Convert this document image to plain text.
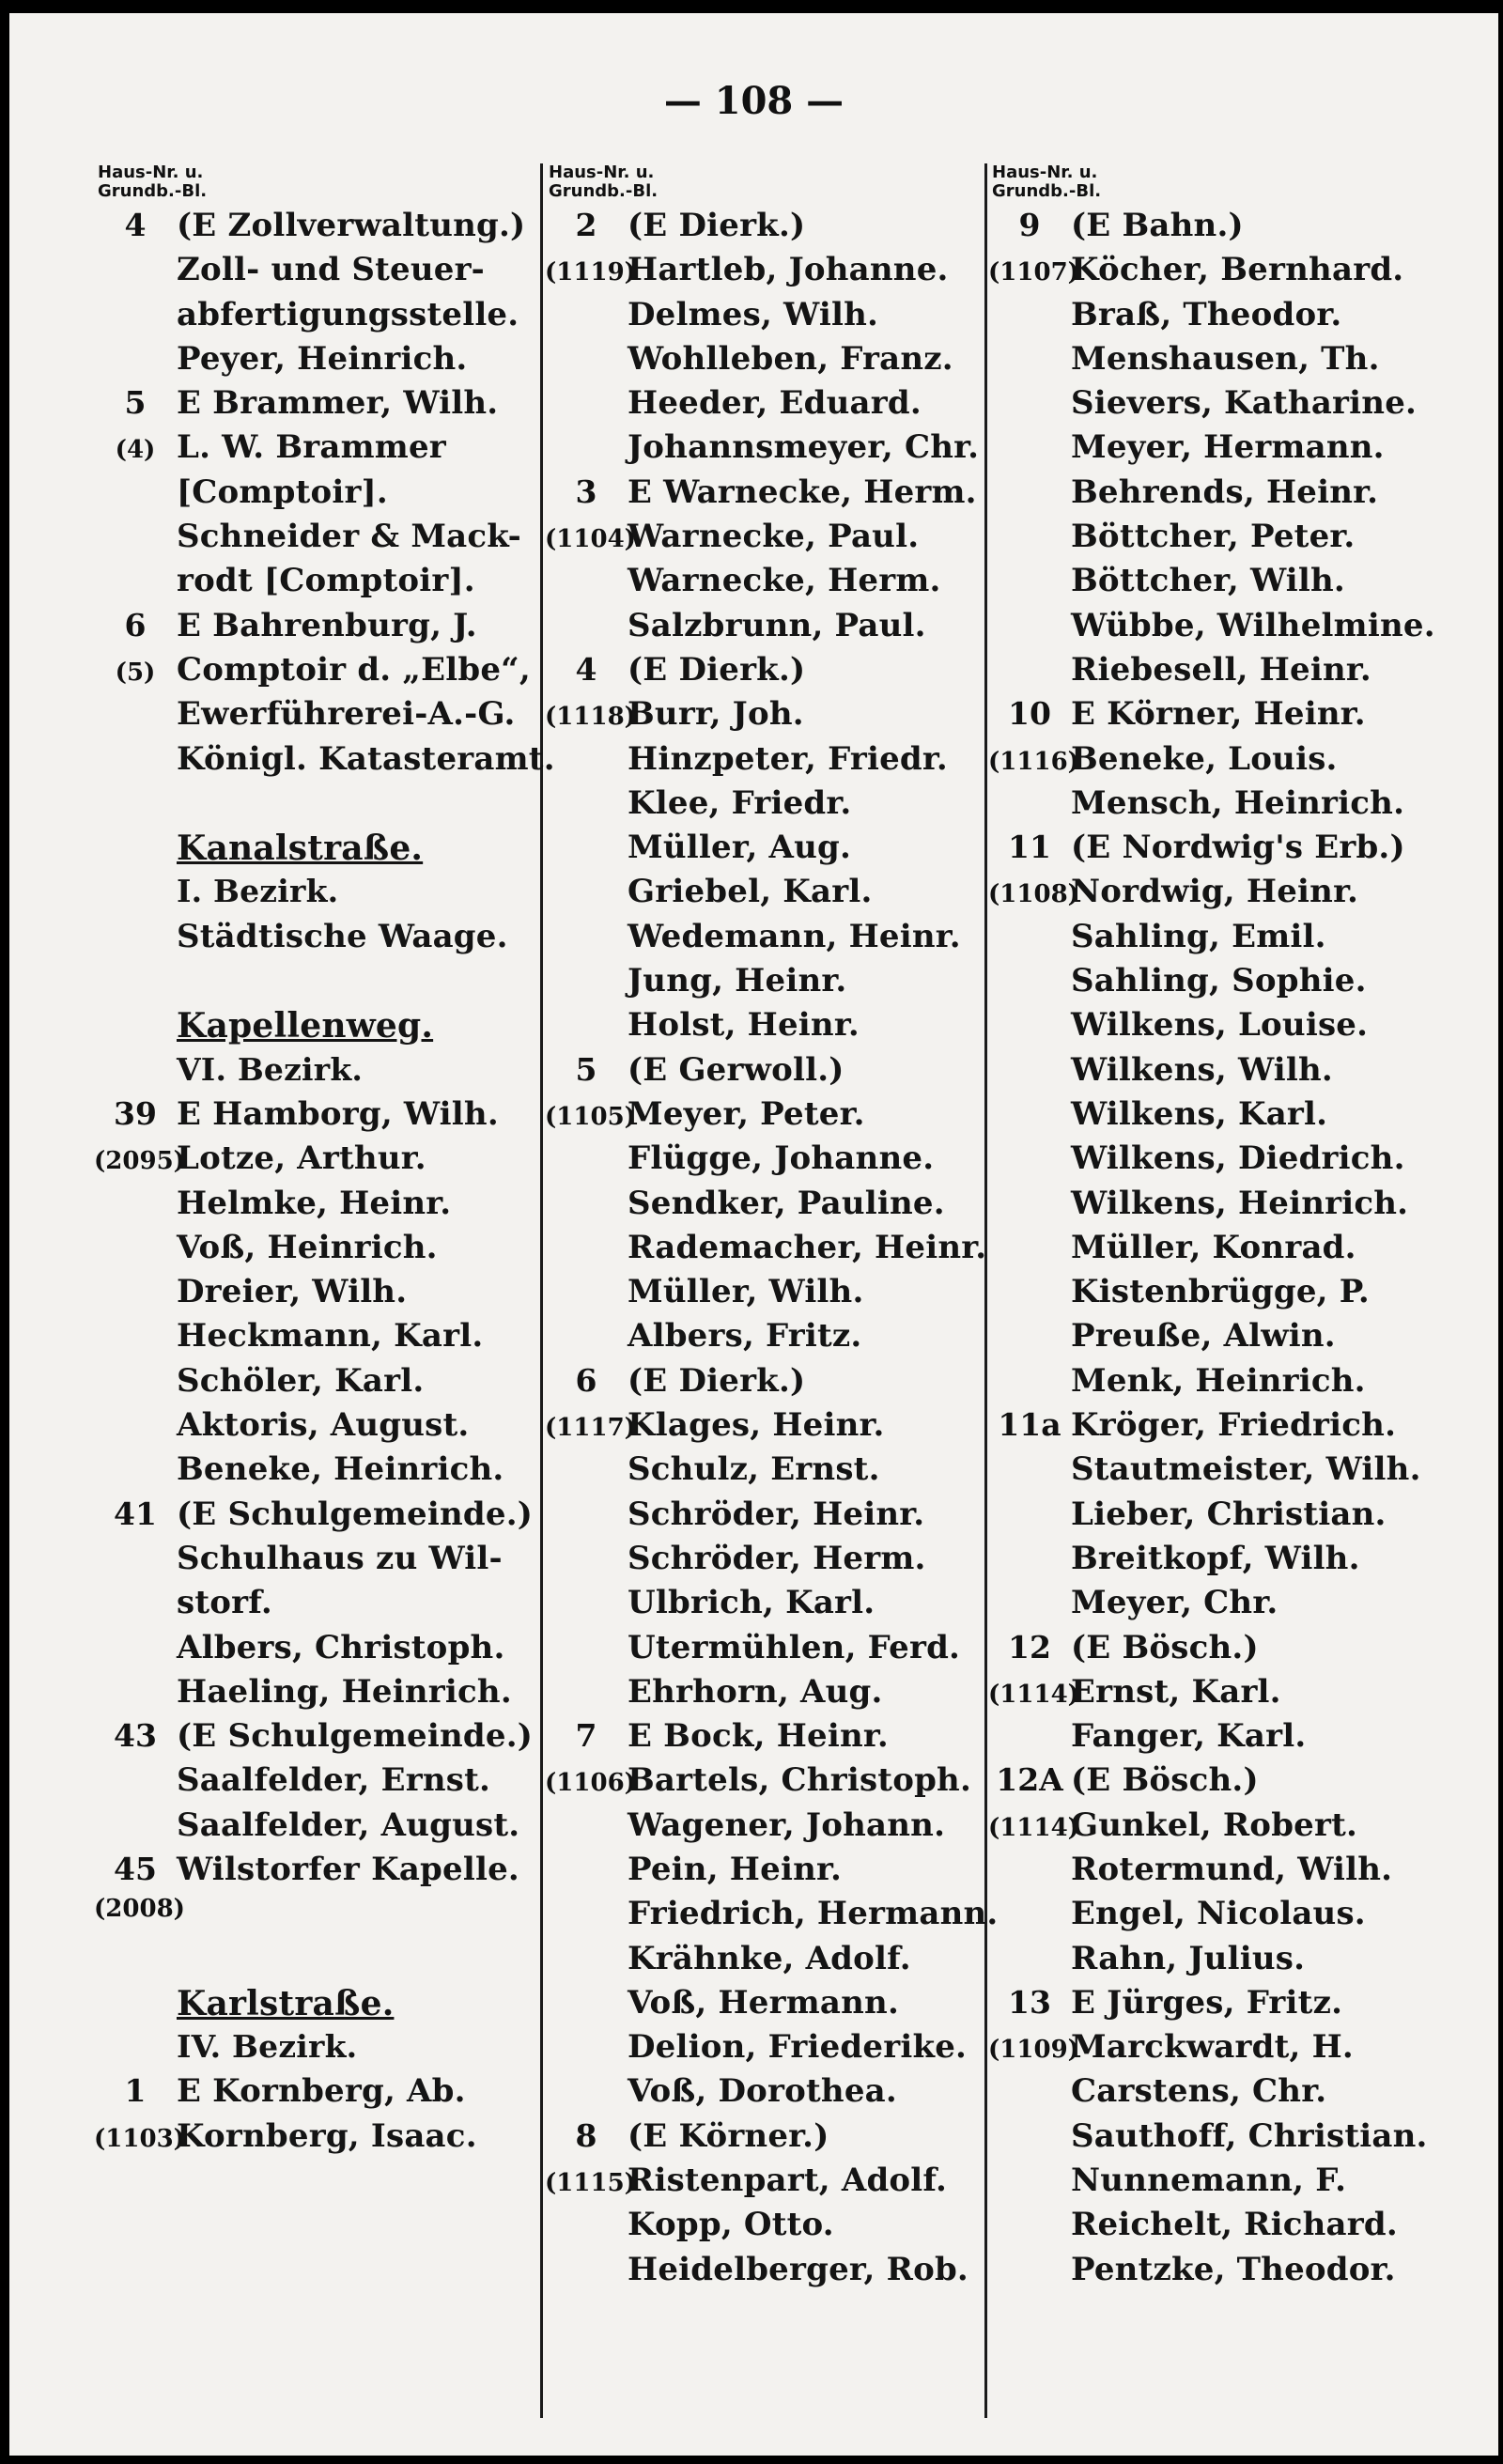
— 108 —
Haus-Nr. u.
Grundb.-Bl.
4 (E Zollverwaltung.)
Zoll- und Steuer-
abfertigungsstelle.
Peyer, Heinrich.
5 E Brammer, Wilh.
(4) L. W. Brammer
[Comptoir].
Schneider & Mack-
rodt [Comptoir].
6 E Bahrenburg, J.
(5) Comptoir d. „Elbe“,
Ewerführerei-A.-G.
Königl. Katasteramt.
Kanalstraße.
I. Bezirk.
Städtische Waage.
Kapellenweg.
VI. Bezirk.
39 E Hamborg, Wilh.
(2095)
Lotze, Arthur.
Helmke, Heinr.
Voß, Heinrich.
Dreier, Wilh.
Heckmann, Karl.
Schöler, Karl.
Aktoris, August.
Beneke, Heinrich.
41 (E Schulgemeinde.)
Schulhaus zu Wil-
storf.
Albers, Christoph.
Haeling, Heinrich.
43 (E Schulgemeinde.)
Saalfelder, Ernst.
Saalfelder, August.
45 Wilstorfer Kapelle.
(2008)
Karlstraße.
IV. Bezirk.
1 E Kornberg, Ab.
(1103)
Kornberg, Isaac.
Haus-Nr. u.
Grundb.-Bl.
2 (E Dierk.)
(1119)
Hartleb, Johanne.
Delmes, Wilh.
Wohlleben, Franz.
Heeder, Eduard.
Johannsmeyer, Chr.
3 E Warnecke, Herm.
(1104)
Warnecke, Paul.
Warnecke, Herm.
Salzbrunn, Paul.
4 (E Dierk.)
(1118)
Burr, Joh.
Hinzpeter, Friedr.
Klee, Friedr.
Müller, Aug.
Griebel, Karl.
Wedemann, Heinr.
Jung, Heinr.
Holst, Heinr.
5 (E Gerwoll.)
(1105)
Meyer, Peter.
Flügge, Johanne.
Sendker, Pauline.
Rademacher, Heinr.
Müller, Wilh.
Albers, Fritz.
6 (E Dierk.)
(1117)
Klages, Heinr.
Schulz, Ernst.
Schröder, Heinr.
Schröder, Herm.
Ulbrich, Karl.
Utermühlen, Ferd.
Ehrhorn, Aug.
7 E Bock, Heinr.
(1106)
Bartels, Christoph.
Wagener, Johann.
Pein, Heinr.
Friedrich, Hermann.
Krähnke, Adolf.
Voß, Hermann.
Delion, Friederike.
Voß, Dorothea.
8 (E Körner.)
(1115)
Ristenpart, Adolf.
Kopp, Otto.
Heidelberger, Rob.
Haus-Nr. u.
Grundb.-Bl.
9 (E Bahn.)
(1107)
Köcher, Bernhard.
Braß, Theodor.
Menshausen, Th.
Sievers, Katharine.
Meyer, Hermann.
Behrends, Heinr.
Böttcher, Peter.
Böttcher, Wilh.
Wübbe, Wilhelmine.
Riebesell, Heinr.
10 E Körner, Heinr.
(1116)
Beneke, Louis.
Mensch, Heinrich.
11 (E Nordwig's Erb.)
(1108)
Nordwig, Heinr.
Sahling, Emil.
Sahling, Sophie.
Wilkens, Louise.
Wilkens, Wilh.
Wilkens, Karl.
Wilkens, Diedrich.
Wilkens, Heinrich.
Müller, Konrad.
Kistenbrügge, P.
Preuße, Alwin.
Menk, Heinrich.
11a Kröger, Friedrich.
Stautmeister, Wilh.
Lieber, Christian.
Breitkopf, Wilh.
Meyer, Chr.
12 (E Bösch.)
(1114)
Ernst, Karl.
Fanger, Karl.
12A (E Bösch.)
(1114)
Gunkel, Robert.
Rotermund, Wilh.
Engel, Nicolaus.
Rahn, Julius.
13 E Jürges, Fritz.
(1109)
Marckwardt, H.
Carstens, Chr.
Sauthoff, Christian.
Nunnemann, F.
Reichelt, Richard.
Pentzke, Theodor.
